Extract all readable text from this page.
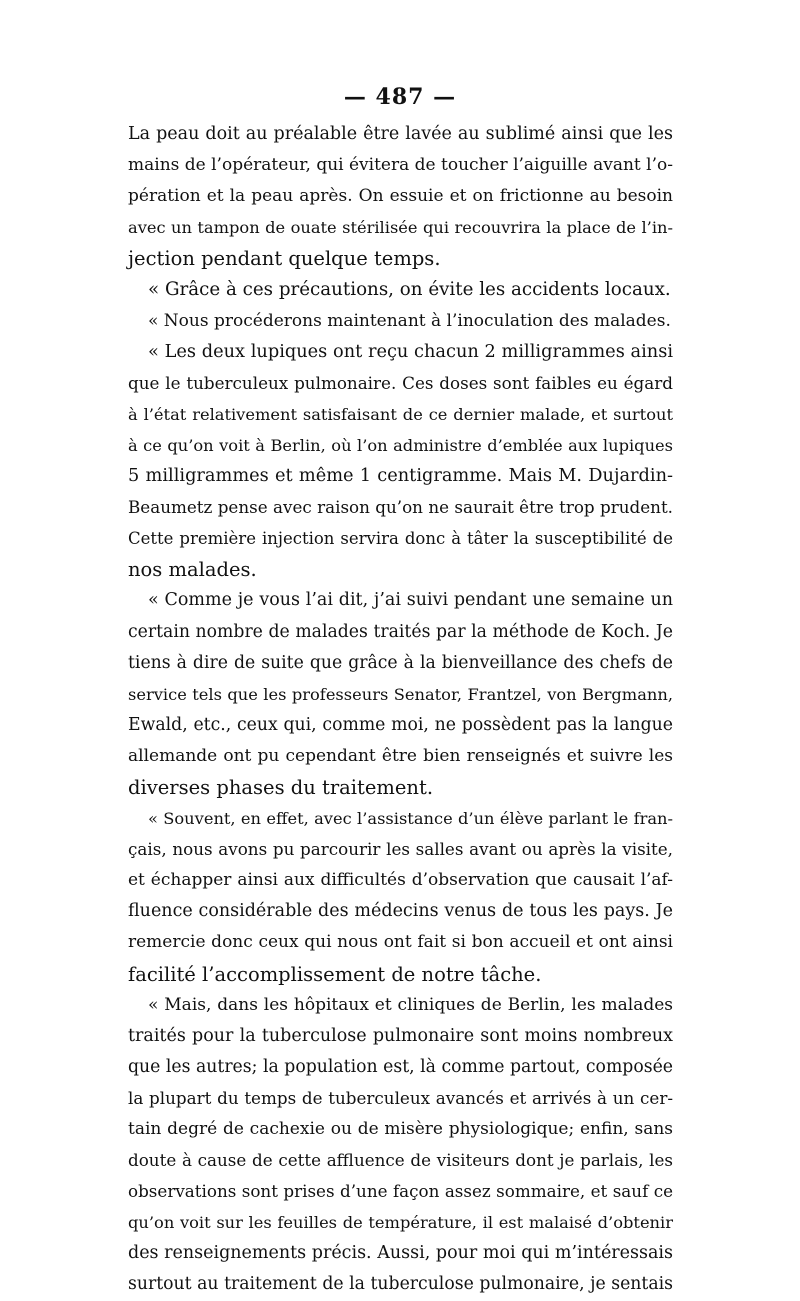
— 487 —
La peau doit au préalable être lavée au sublimé ainsi que les
mains de l’opérateur, qui évitera de toucher l’aiguille avant l’o-
pération et la peau après. On essuie et on frictionne au besoin
avec un tampon de ouate stérilisée qui recouvrira la place de l’in-
jection pendant quelque temps.
« Grâce à ces précautions, on évite les accidents locaux.
« Nous procéderons maintenant à l’inoculation des malades.
« Les deux lupiques ont reçu chacun 2 milligrammes ainsi
que le tuberculeux pulmonaire. Ces doses sont faibles eu égard
à l’état relativement satisfaisant de ce dernier malade, et surtout
à ce qu’on voit à Berlin, où l’on administre d’emblée aux lupiques
5 milligrammes et même 1 centigramme. Mais M. Dujardin-
Beaumetz pense avec raison qu’on ne saurait être trop prudent.
Cette première injection servira donc à tâter la susceptibilité de
nos malades.
« Comme je vous l’ai dit, j’ai suivi pendant une semaine un
certain nombre de malades traités par la méthode de Koch. Je
tiens à dire de suite que grâce à la bienveillance des chefs de
service tels que les professeurs Senator, Frantzel, von Bergmann,
Ewald, etc., ceux qui, comme moi, ne possèdent pas la langue
allemande ont pu cependant être bien renseignés et suivre les
diverses phases du traitement.
« Souvent, en effet, avec l’assistance d’un élève parlant le fran-
çais, nous avons pu parcourir les salles avant ou après la visite,
et échapper ainsi aux difficultés d’observation que causait l’af-
fluence considérable des médecins venus de tous les pays. Je
remercie donc ceux qui nous ont fait si bon accueil et ont ainsi
facilité l’accomplissement de notre tâche.
« Mais, dans les hôpitaux et cliniques de Berlin, les malades
traités pour la tuberculose pulmonaire sont moins nombreux
que les autres; la population est, là comme partout, composée
la plupart du temps de tuberculeux avancés et arrivés à un cer-
tain degré de cachexie ou de misère physiologique; enfin, sans
doute à cause de cette affluence de visiteurs dont je parlais, les
observations sont prises d’une façon assez sommaire, et sauf ce
qu’on voit sur les feuilles de température, il est malaisé d’obtenir
des renseignements précis. Aussi, pour moi qui m’intéressais
surtout au traitement de la tuberculose pulmonaire, je sentais
